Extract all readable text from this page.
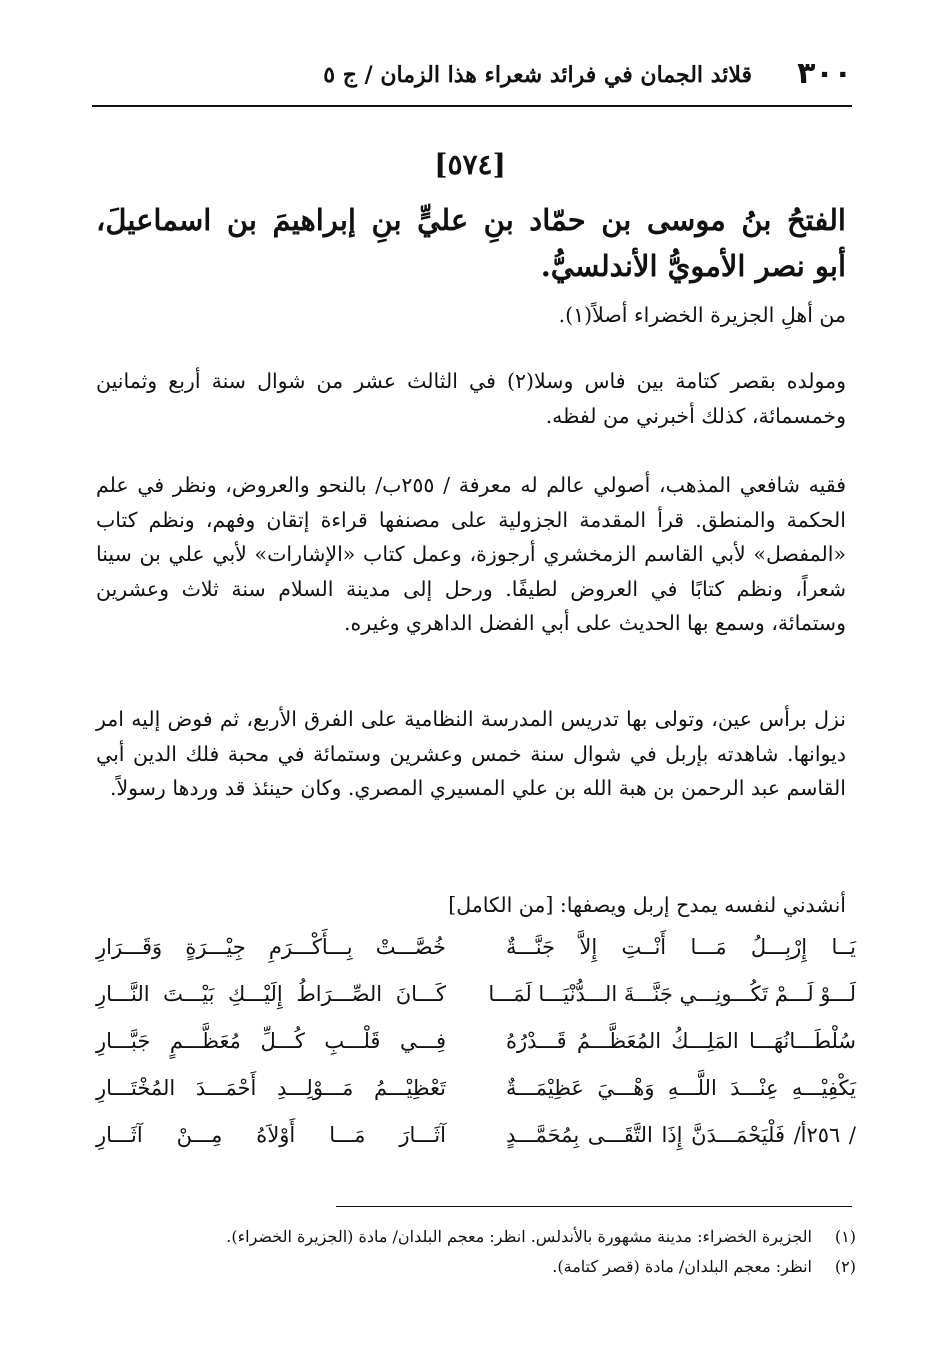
٣٠٠
قلائد الجمان في فرائد شعراء هذا الزمان / ج ٥
[٥٧٤]
الفتحُ بنُ موسى بن حمّاد بنِ عليٍّ بنِ إبراهيمَ بن اسماعيلَ،
أبو نصر الأمويُّ الأندلسيُّ.
من أهلِ الجزيرة الخضراء أصلاً(١).
ومولده بقصر كتامة بين فاس وسلا(٢) في الثالث عشر من شوال سنة أربع وثمانين وخمسمائة، كذلك أخبرني من لفظه.
فقيه شافعي المذهب، أصولي عالم له معرفة / ٢٥٥ب/ بالنحو والعروض، ونظر في علم الحكمة والمنطق. قرأ المقدمة الجزولية على مصنفها قراءة إتقان وفهم، ونظم كتاب «المفصل» لأبي القاسم الزمخشري أرجوزة، وعمل كتاب «الإشارات» لأبي علي بن سينا شعراً، ونظم كتابًا في العروض لطيفًا. ورحل إلى مدينة السلام سنة ثلاث وعشرين وستمائة، وسمع بها الحديث على أبي الفضل الداهري وغيره.
نزل برأس عين، وتولى بها تدريس المدرسة النظامية على الفرق الأربع، ثم فوض إليه امر ديوانها. شاهدته بإربل في شوال سنة خمس وعشرين وستمائة في محبة فلك الدين أبي القاسم عبد الرحمن بن هبة الله بن علي المسيري المصري. وكان حينئذ قد وردها رسولاً.
أنشدني لنفسه يمدح إربل ويصفها: [من الكامل]
يَــا إِرْبِـــلُ مَـــا أَنْــتِ إِلاَّ جَنَّـــةٌ
خُصَّـــتْ بِـــأَكْـــرَمِ جِيْـــرَةٍ وَقَـــرَارِ
لَـــوْ لَـــمْ تَكُـــونِـــي جَنَّـــةَ الـــدُّنْيَـــا لَمَـــا
كَـــانَ الصِّـــرَاطُ إِلَيْـــكِ بَيْـــتَ النَّـــارِ
سُلْطَـــانُهَـــا المَلِـــكُ المُعَظَّـــمُ قَـــدْرُهُ
فِـــي قَلْـــبِ كُـــلِّ مُعَظَّـــمٍ جَبَّـــارِ
يَكْفِيْـــهِ عِنْـــدَ اللَّـــهِ وَهْـــيَ عَظِيْمَـــةٌ
تَعْظِيْـــمُ مَـــوْلِـــدِ أَحْمَـــدَ المُخْتَـــارِ
/ ٢٥٦أ/ فَلْيَحْمَـــدَنَّ إِذَا التَّقَـــى بِمُحَمَّـــدٍ
آثَـــارَ مَـــا أَوْلاَهُ مِـــنْ آثَـــارِ
(١)
الجزيرة الخضراء: مدينة مشهورة بالأندلس. انظر: معجم البلدان/ مادة (الجزيرة الخضراء).
(٢)
انظر: معجم البلدان/ مادة (قصر كتامة).
